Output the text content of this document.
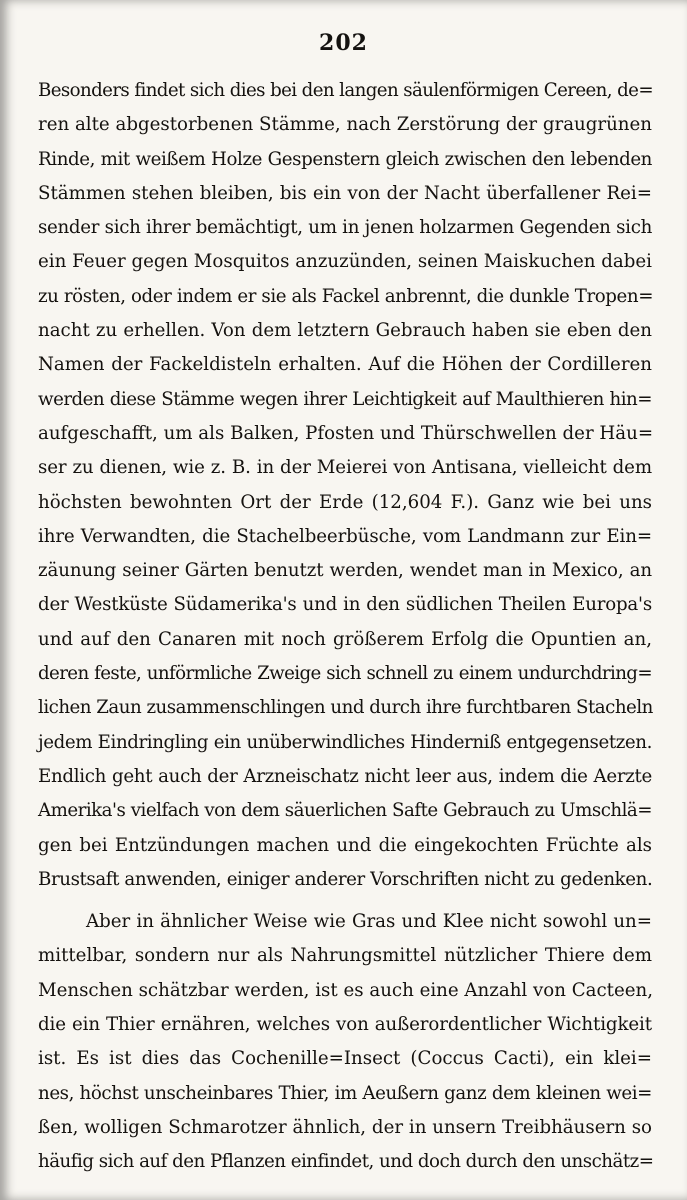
202
Besonders findet sich dies bei den langen säulenförmigen Cereen, de=
ren alte abgestorbenen Stämme, nach Zerstörung der graugrünen
Rinde, mit weißem Holze Gespenstern gleich zwischen den lebenden
Stämmen stehen bleiben, bis ein von der Nacht überfallener Rei=
sender sich ihrer bemächtigt, um in jenen holzarmen Gegenden sich
ein Feuer gegen Mosquitos anzuzünden, seinen Maiskuchen dabei
zu rösten, oder indem er sie als Fackel anbrennt, die dunkle Tropen=
nacht zu erhellen. Von dem letztern Gebrauch haben sie eben den
Namen der Fackeldisteln erhalten. Auf die Höhen der Cordilleren
werden diese Stämme wegen ihrer Leichtigkeit auf Maulthieren hin=
aufgeschafft, um als Balken, Pfosten und Thürschwellen der Häu=
ser zu dienen, wie z. B. in der Meierei von Antisana, vielleicht dem
höchsten bewohnten Ort der Erde (12,604 F.). Ganz wie bei uns
ihre Verwandten, die Stachelbeerbüsche, vom Landmann zur Ein=
zäunung seiner Gärten benutzt werden, wendet man in Mexico, an
der Westküste Südamerika's und in den südlichen Theilen Europa's
und auf den Canaren mit noch größerem Erfolg die Opuntien an,
deren feste, unförmliche Zweige sich schnell zu einem undurchdring=
lichen Zaun zusammenschlingen und durch ihre furchtbaren Stacheln
jedem Eindringling ein unüberwindliches Hinderniß entgegensetzen.
Endlich geht auch der Arzneischatz nicht leer aus, indem die Aerzte
Amerika's vielfach von dem säuerlichen Safte Gebrauch zu Umschlä=
gen bei Entzündungen machen und die eingekochten Früchte als
Brustsaft anwenden, einiger anderer Vorschriften nicht zu gedenken.
Aber in ähnlicher Weise wie Gras und Klee nicht sowohl un=
mittelbar, sondern nur als Nahrungsmittel nützlicher Thiere dem
Menschen schätzbar werden, ist es auch eine Anzahl von Cacteen,
die ein Thier ernähren, welches von außerordentlicher Wichtigkeit
ist. Es ist dies das Cochenille=Insect (Coccus Cacti), ein klei=
nes, höchst unscheinbares Thier, im Aeußern ganz dem kleinen wei=
ßen, wolligen Schmarotzer ähnlich, der in unsern Treibhäusern so
häufig sich auf den Pflanzen einfindet, und doch durch den unschätz=
